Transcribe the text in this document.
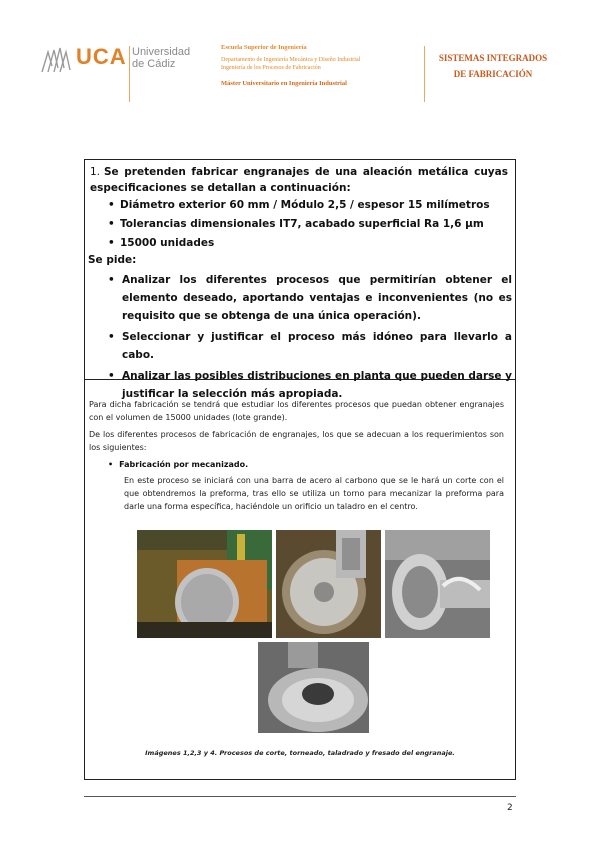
UCA Universidad
de Cádiz
Escuela Superior de Ingeniería
Departamento de Ingeniería Mecánica y Diseño Industrial
Ingeniería de los Procesos de Fabricación
Máster Universitario en Ingeniería Industrial
SISTEMAS INTEGRADOS
DE FABRICACIÓN
1. Se pretenden fabricar engranajes de una aleación metálica cuyas especificaciones se detallan a continuación:
• Diámetro exterior 60 mm / Módulo 2,5 / espesor 15 milímetros
• Tolerancias dimensionales IT7, acabado superficial Ra 1,6 μm
• 15000 unidades
Se pide:
• Analizar los diferentes procesos que permitirían obtener el elemento deseado, aportando ventajas e inconvenientes (no es requisito que se obtenga de una única operación).
• Seleccionar y justificar el proceso más idóneo para llevarlo a cabo.
• Analizar las posibles distribuciones en planta que pueden darse y justificar la selección más apropiada.
Para dicha fabricación se tendrá que estudiar los diferentes procesos que puedan obtener engranajes con el volumen de 15000 unidades (lote grande).
De los diferentes procesos de fabricación de engranajes, los que se adecuan a los requerimientos son los siguientes:
• Fabricación por mecanizado.
En este proceso se iniciará con una barra de acero al carbono que se le hará un corte con el que obtendremos la preforma, tras ello se utiliza un torno para mecanizar la preforma para darle una forma específica, haciéndole un orificio un taladro en el centro.
Imágenes 1,2,3 y 4. Procesos de corte, torneado, taladrado y fresado del engranaje.
2
